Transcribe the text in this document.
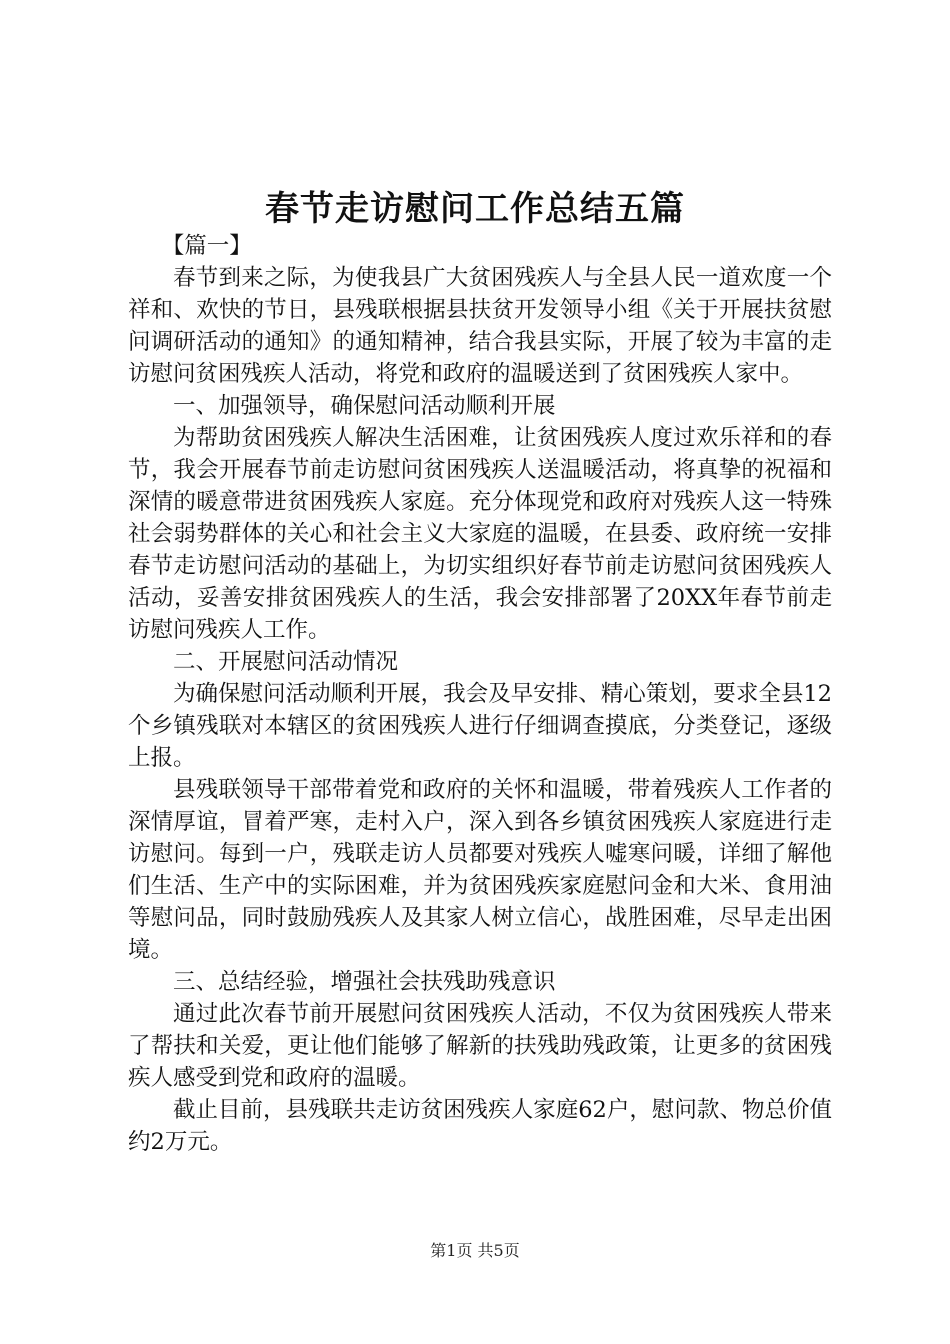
春节走访慰问工作总结五篇

【篇一】

春节到来之际，为使我县广大贫困残疾人与全县人民一道欢度一个祥和、欢快的节日，县残联根据县扶贫开发领导小组《关于开展扶贫慰问调研活动的通知》的通知精神，结合我县实际，开展了较为丰富的走访慰问贫困残疾人活动，将党和政府的温暖送到了贫困残疾人家中。

一、加强领导，确保慰问活动顺利开展

为帮助贫困残疾人解决生活困难，让贫困残疾人度过欢乐祥和的春节，我会开展春节前走访慰问贫困残疾人送温暖活动，将真挚的祝福和深情的暖意带进贫困残疾人家庭。充分体现党和政府对残疾人这一特殊社会弱势群体的关心和社会主义大家庭的温暖，在县委、政府统一安排春节走访慰问活动的基础上，为切实组织好春节前走访慰问贫困残疾人活动，妥善安排贫困残疾人的生活，我会安排部署了20XX年春节前走访慰问残疾人工作。

二、开展慰问活动情况

为确保慰问活动顺利开展，我会及早安排、精心策划，要求全县12个乡镇残联对本辖区的贫困残疾人进行仔细调查摸底，分类登记，逐级上报。

县残联领导干部带着党和政府的关怀和温暖，带着残疾人工作者的深情厚谊，冒着严寒，走村入户，深入到各乡镇贫困残疾人家庭进行走访慰问。每到一户，残联走访人员都要对残疾人嘘寒问暖，详细了解他们生活、生产中的实际困难，并为贫困残疾家庭慰问金和大米、食用油等慰问品，同时鼓励残疾人及其家人树立信心，战胜困难，尽早走出困境。

三、总结经验，增强社会扶残助残意识

通过此次春节前开展慰问贫困残疾人活动，不仅为贫困残疾人带来了帮扶和关爱，更让他们能够了解新的扶残助残政策，让更多的贫困残疾人感受到党和政府的温暖。

截止目前，县残联共走访贫困残疾人家庭62户，慰问款、物总价值约2万元。

第1页 共5页
